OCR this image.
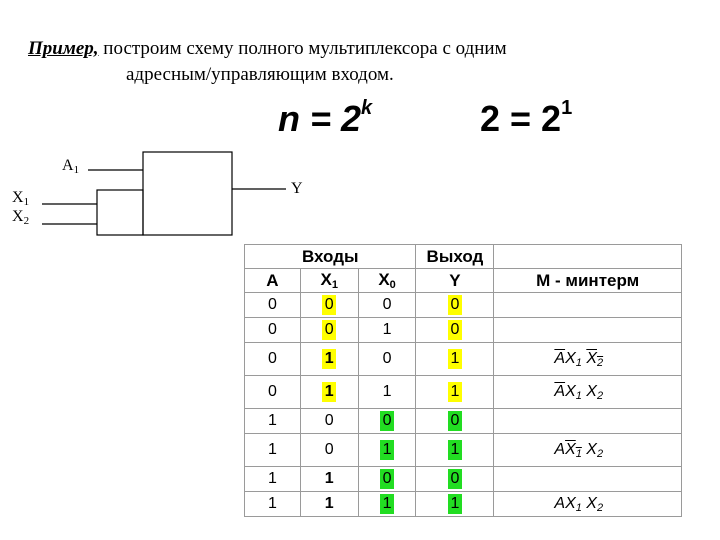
Пример, построим схему полного мультиплексора с одним
адресным/управляющим входом.
$n = 2^k$	$2 = 2^1$
A1
X1
X2
Y
Входы			Выход	
A	$X_1$	$X_0$	Y	M - минтерм
0	0	0	0	
0	0	1	0	
0	1	0	1	$\overline{A}X_1$ $X_2$
0	1	1	1	$\overline{A}X_1$ $X_2$
1	0	0	0	
1	0	1	1	$AX_1$ $X_2$
1	1	0	0	
1	1	1	1	$AX_1$ $X_2$
